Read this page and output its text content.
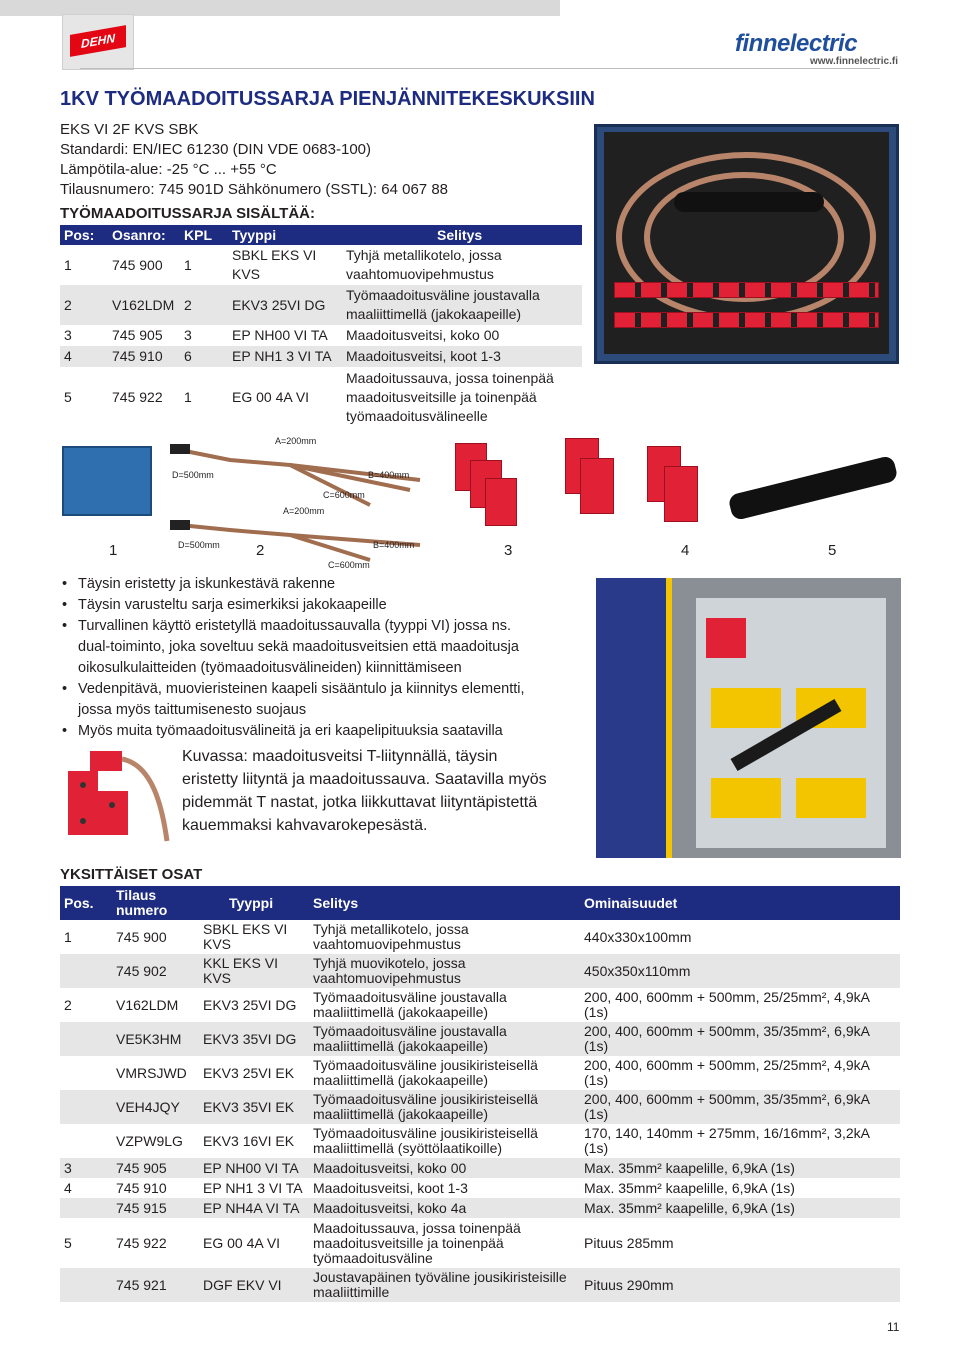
DEHN	finnelectric
www.finnelectric.fi
1KV TYÖMAADOITUSSARJA PIENJÄNNITEKESKUKSIIN
EKS VI 2F KVS SBK
Standardi: EN/IEC 61230 (DIN VDE 0683-100)
Lämpötila-alue: -25 °C ... +55 °C
Tilausnumero: 745 901D Sähkönumero (SSTL): 64 067 88
TYÖMAADOITUSSARJA SISÄLTÄÄ:
Pos:	Osanro:	KPL	Tyyppi	Selitys
1	745 900	1	SBKL EKS VI KVS	Tyhjä metallikotelo, jossa vaahtomuovipehmustus
2	V162LDM	2	EKV3 25VI DG	Työmaadoitusväline joustavalla maaliittimellä (jakokaapeille)
3	745 905	3	EP NH00 VI TA	Maadoitusveitsi, koko 00
4	745 910	6	EP NH1 3 VI TA	Maadoitusveitsi, koot 1-3
5	745 922	1	EG 00 4A VI	Maadoitussauva, jossa toinenpää maadoitusveitsille ja toinenpää työmaadoitusvälineelle
A=200mm
D=500mm	B=400mm
C=600mm
A=200mm
D=500mm	B=400mm
C=600mm
1	2	3	4	5
• Täysin eristetty ja iskunkestävä rakenne
• Täysin varusteltu sarja esimerkiksi jakokaapeille
• Turvallinen käyttö eristetyllä maadoitussauvalla (tyyppi VI) jossa ns.
dual-toiminto, joka soveltuu sekä maadoitusveitsien että maadoitusja
oikosulkulaitteiden (työmaadoitusvälineiden) kiinnittämiseen
• Vedenpitävä, muovieristeinen kaapeli sisääntulo ja kiinnitys elementti,
jossa myös taittumisenesto suojaus
• Myös muita työmaadoitusvälineitä ja eri kaapelipituuksia saatavilla
Kuvassa: maadoitusveitsi T-liitynnällä, täysin
eristetty liityntä ja maadoitussauva. Saatavilla myös
pidemmät T nastat, jotka liikkuttavat liityntäpistettä
kauemmaksi kahvavarokepesästä.
YKSITTÄISET OSAT
Pos.	Tilaus numero	Tyyppi	Selitys	Ominaisuudet
1	745 900	SBKL EKS VI KVS	Tyhjä metallikotelo, jossa vaahtomuovipehmustus	440x330x100mm
	745 902	KKL EKS VI KVS	Tyhjä muovikotelo, jossa vaahtomuovipehmustus	450x350x110mm
2	V162LDM	EKV3 25VI DG	Työmaadoitusväline joustavalla maaliittimellä (jakokaapeille)	200, 400, 600mm + 500mm, 25/25mm², 4,9kA (1s)
	VE5K3HM	EKV3 35VI DG	Työmaadoitusväline joustavalla maaliittimellä (jakokaapeille)	200, 400, 600mm + 500mm, 35/35mm², 6,9kA (1s)
	VMRSJWD	EKV3 25VI EK	Työmaadoitusväline jousikiristeisellä maaliittimellä (jakokaapeille)	200, 400, 600mm + 500mm, 25/25mm², 4,9kA (1s)
	VEH4JQY	EKV3 35VI EK	Työmaadoitusväline jousikiristeisellä maaliittimellä (jakokaapeille)	200, 400, 600mm + 500mm, 35/35mm², 6,9kA (1s)
	VZPW9LG	EKV3 16VI EK	Työmaadoitusväline jousikiristeisellä maaliittimellä (syöttölaatikoille)	170, 140, 140mm + 275mm, 16/16mm², 3,2kA (1s)
3	745 905	EP NH00 VI TA	Maadoitusveitsi, koko 00	Max. 35mm² kaapelille, 6,9kA (1s)
4	745 910	EP NH1 3 VI TA	Maadoitusveitsi, koot 1-3	Max. 35mm² kaapelille, 6,9kA (1s)
	745 915	EP NH4A VI TA	Maadoitusveitsi, koko 4a	Max. 35mm² kaapelille, 6,9kA (1s)
5	745 922	EG 00 4A VI	Maadoitussauva, jossa toinenpää maadoitusveitsille ja toinenpää työmaadoitusväline	Pituus 285mm
	745 921	DGF EKV VI	Joustavapäinen työväline jousikiristeisille maaliittimille	Pituus 290mm
11
